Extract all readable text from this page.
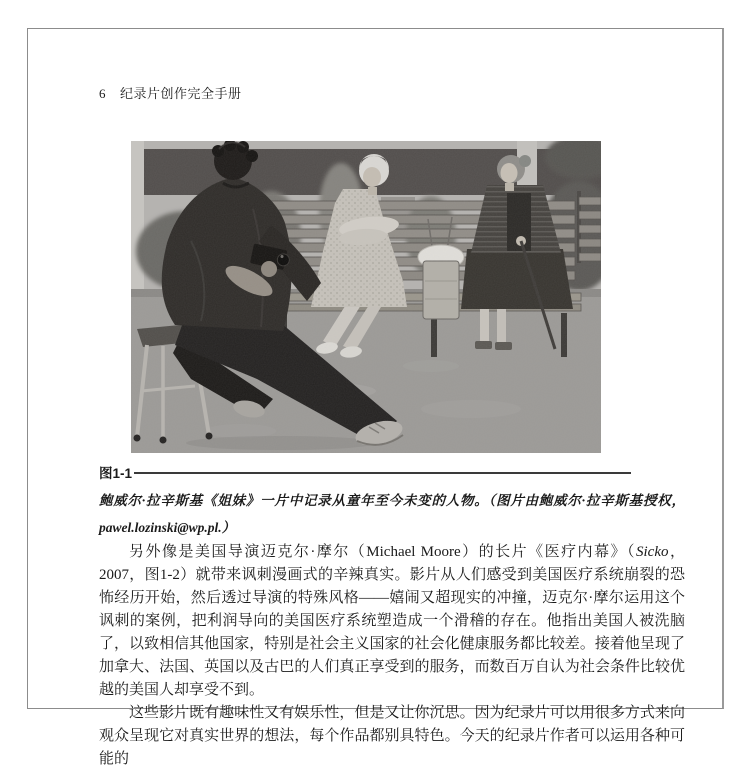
6 纪录片创作完全手册
图1-1
鲍威尔·拉辛斯基《姐妹》一片中记录从童年至今未变的人物。（图片由鲍威尔·拉辛斯基授权，pawel.lozinski@wp.pl.）

另外像是美国导演迈克尔·摩尔（Michael Moore）的长片《医疗内幕》（Sicko，2007，图1-2）就带来讽刺漫画式的辛辣真实。影片从人们感受到美国医疗系统崩裂的恐怖经历开始，然后透过导演的特殊风格——嬉闹又超现实的冲撞，迈克尔·摩尔运用这个讽刺的案例，把利润导向的美国医疗系统塑造成一个滑稽的存在。他指出美国人被洗脑了，以致相信其他国家，特别是社会主义国家的社会化健康服务都比较差。接着他呈现了加拿大、法国、英国以及古巴的人们真正享受到的服务，而数百万自认为社会条件比较优越的美国人却享受不到。

这些影片既有趣味性又有娱乐性，但是又让你沉思。因为纪录片可以用很多方式来向观众呈现它对真实世界的想法，每个作品都别具特色。今天的纪录片作者可以运用各种可能的
